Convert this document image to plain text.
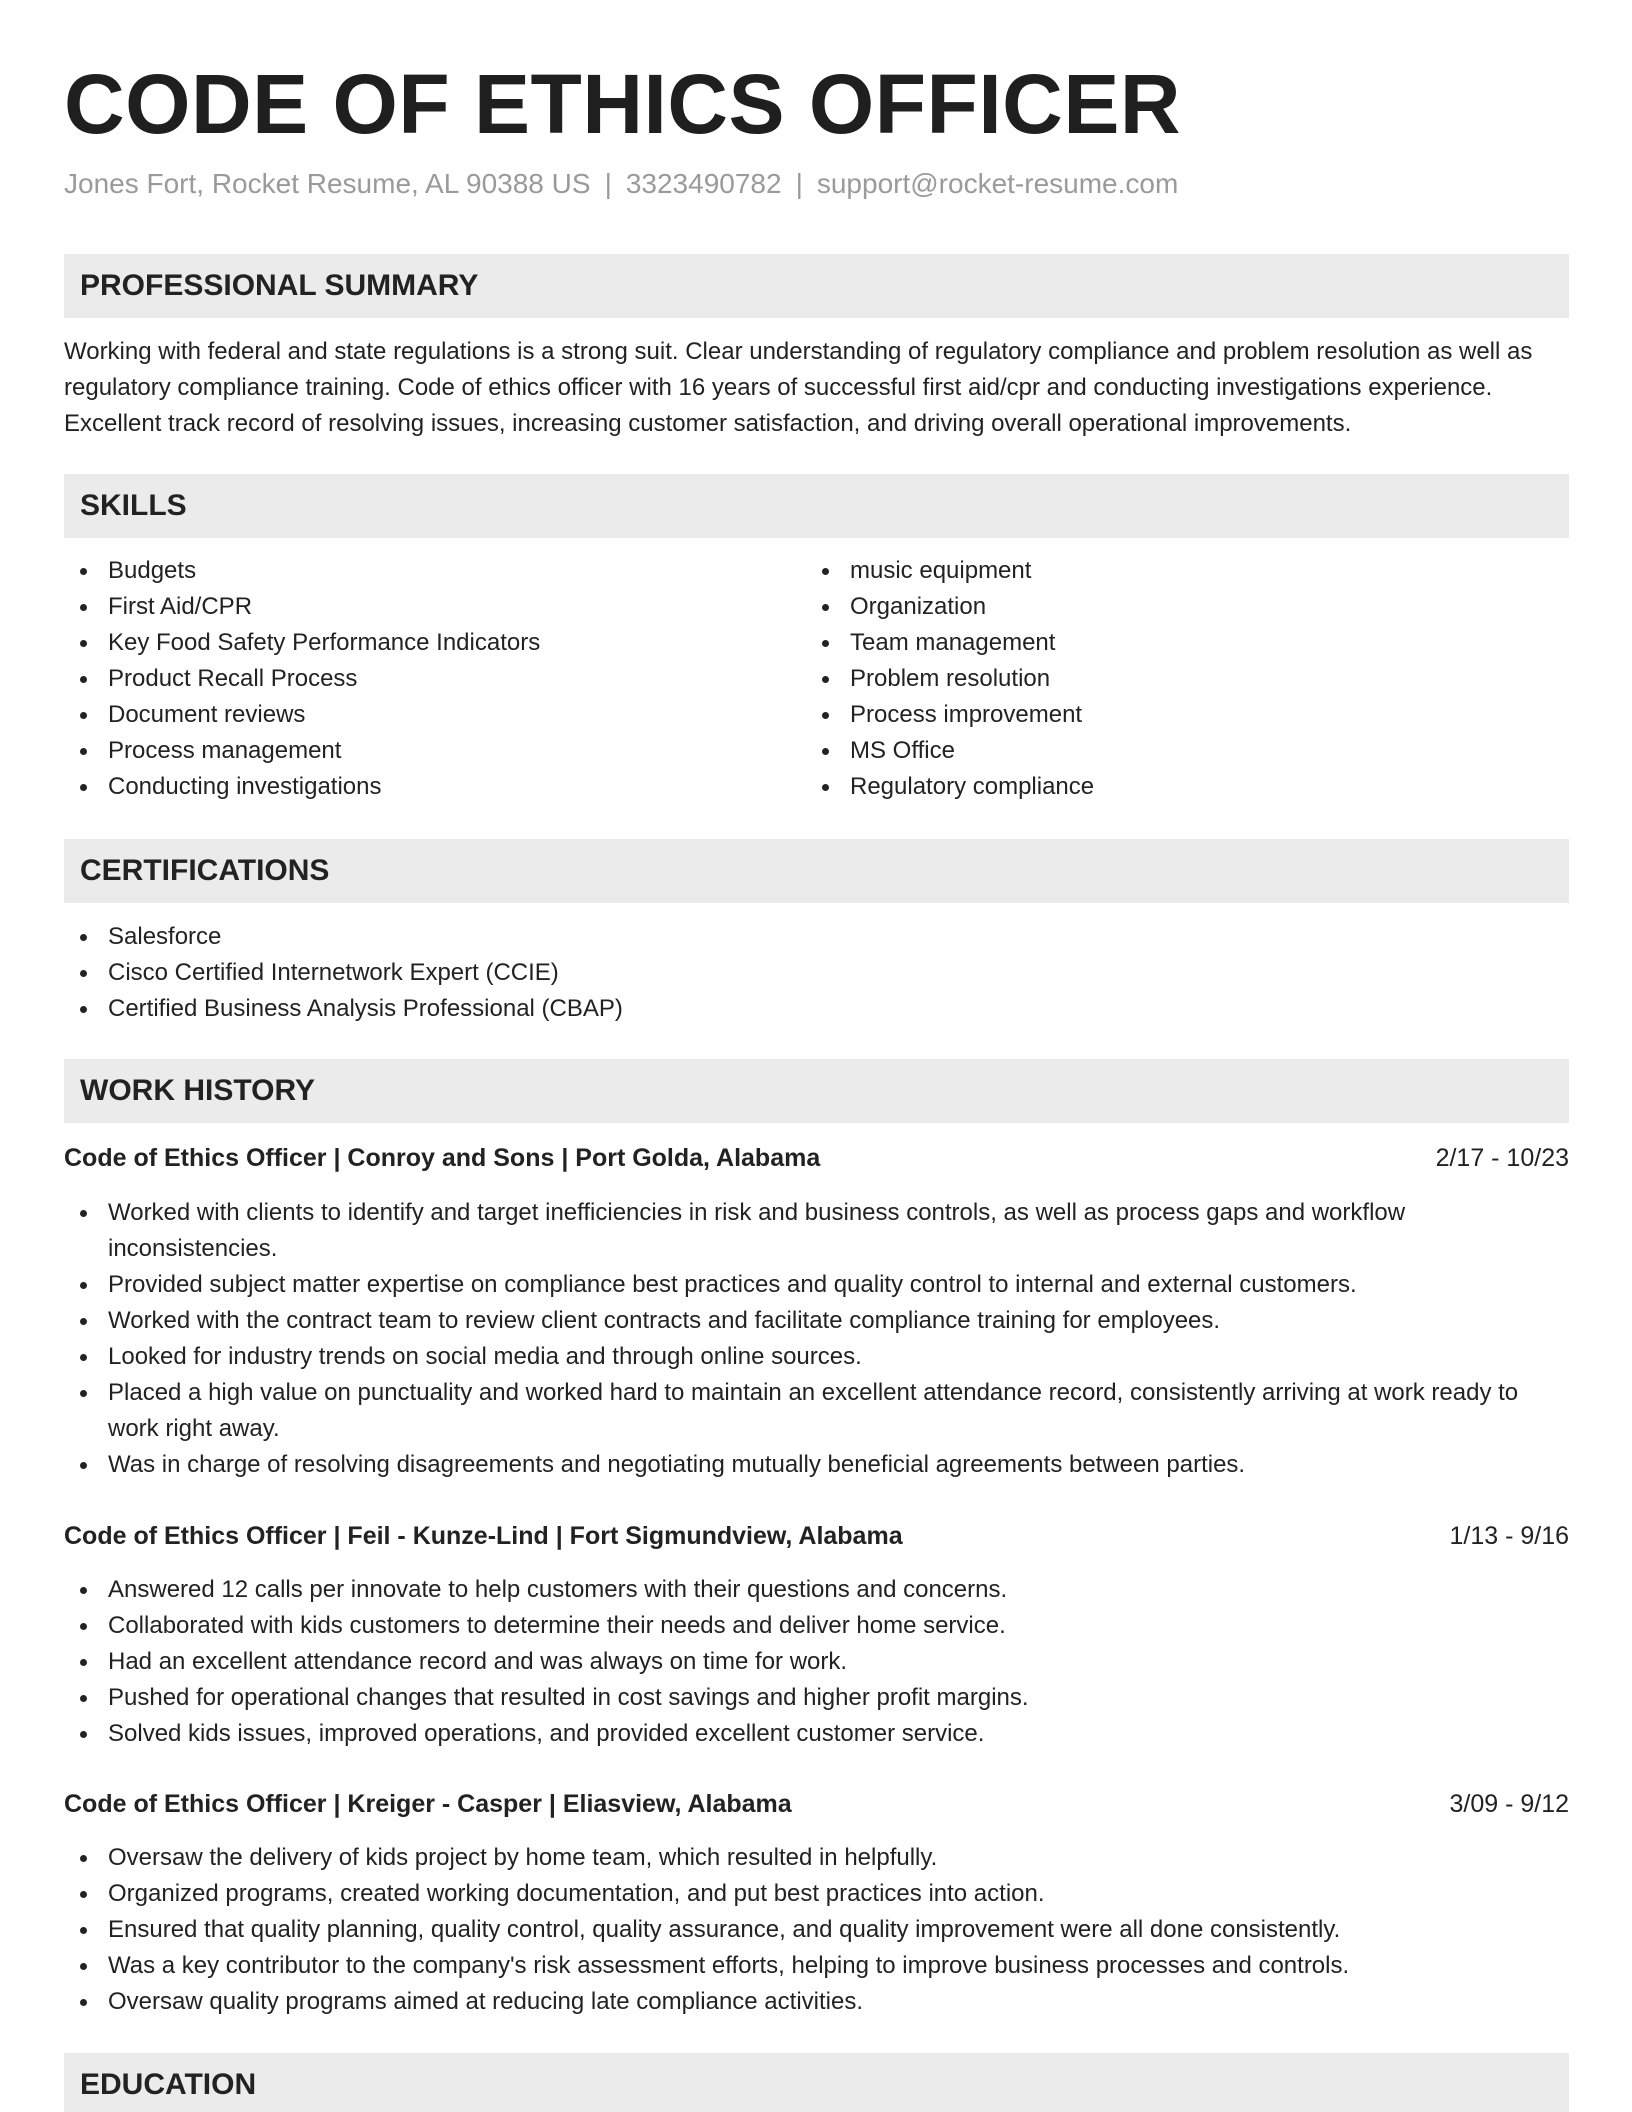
CODE OF ETHICS OFFICER
Jones Fort, Rocket Resume, AL 90388 US | 3323490782 | support@rocket-resume.com
PROFESSIONAL SUMMARY

Working with federal and state regulations is a strong suit. Clear understanding of regulatory compliance and problem resolution as well as regulatory compliance training. Code of ethics officer with 16 years of successful first aid/cpr and conducting investigations experience. Excellent track record of resolving issues, increasing customer satisfaction, and driving overall operational improvements.

SKILLS
Budgets
First Aid/CPR
Key Food Safety Performance Indicators
Product Recall Process
Document reviews
Process management
Conducting investigations
music equipment
Organization
Team management
Problem resolution
Process improvement
MS Office
Regulatory compliance
CERTIFICATIONS
Salesforce
Cisco Certified Internetwork Expert (CCIE)
Certified Business Analysis Professional (CBAP)
WORK HISTORY
Code of Ethics Officer | Conroy and Sons | Port Golda, Alabama	2/17 - 10/23
Worked with clients to identify and target inefficiencies in risk and business controls, as well as process gaps and workflow inconsistencies.
Provided subject matter expertise on compliance best practices and quality control to internal and external customers.
Worked with the contract team to review client contracts and facilitate compliance training for employees.
Looked for industry trends on social media and through online sources.
Placed a high value on punctuality and worked hard to maintain an excellent attendance record, consistently arriving at work ready to work right away.
Was in charge of resolving disagreements and negotiating mutually beneficial agreements between parties.
Code of Ethics Officer | Feil - Kunze-Lind | Fort Sigmundview, Alabama	1/13 - 9/16
Answered 12 calls per innovate to help customers with their questions and concerns.
Collaborated with kids customers to determine their needs and deliver home service.
Had an excellent attendance record and was always on time for work.
Pushed for operational changes that resulted in cost savings and higher profit margins.
Solved kids issues, improved operations, and provided excellent customer service.
Code of Ethics Officer | Kreiger - Casper | Eliasview, Alabama	3/09 - 9/12
Oversaw the delivery of kids project by home team, which resulted in helpfully.
Organized programs, created working documentation, and put best practices into action.
Ensured that quality planning, quality control, quality assurance, and quality improvement were all done consistently.
Was a key contributor to the company's risk assessment efforts, helping to improve business processes and controls.
Oversaw quality programs aimed at reducing late compliance activities.
EDUCATION
